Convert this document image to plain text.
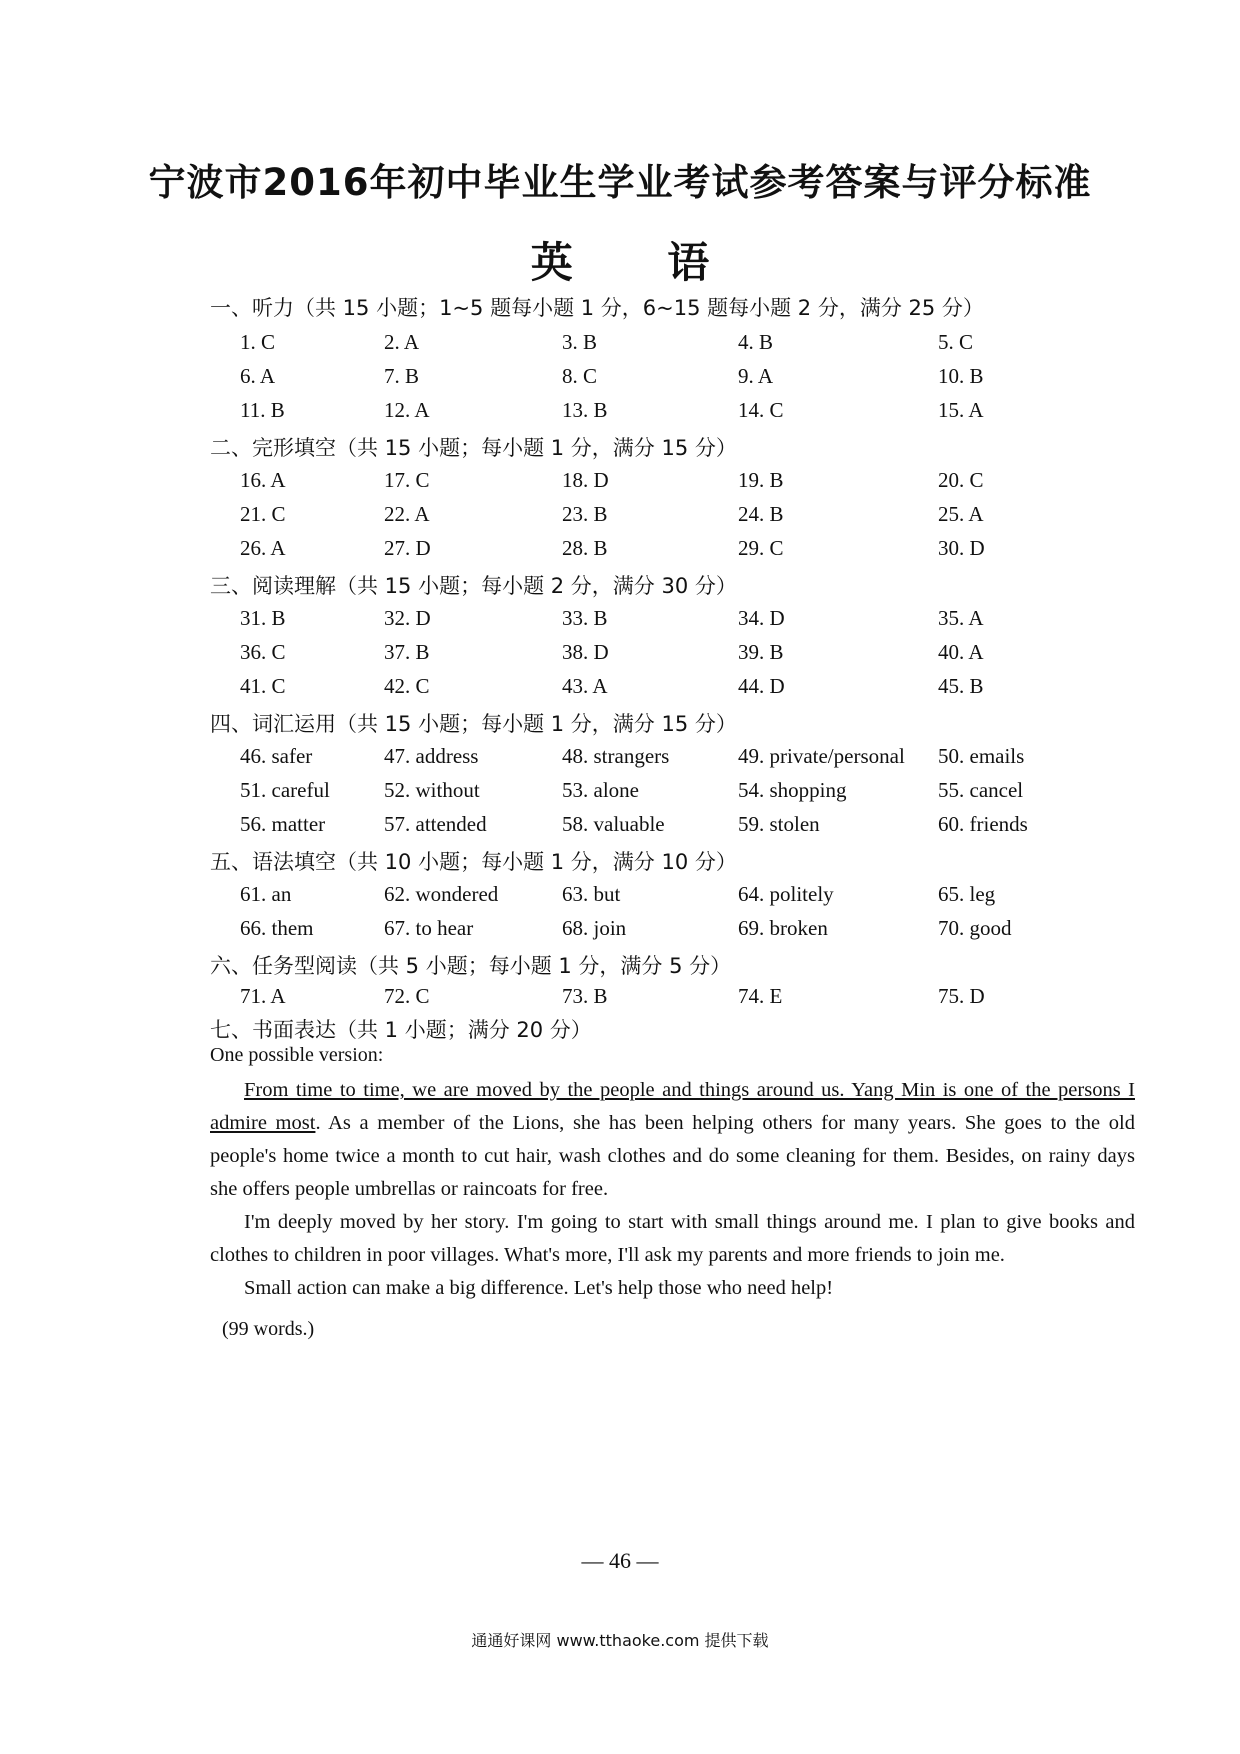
宁波市2016年初中毕业生学业考试参考答案与评分标准
英 语
一、听力（共 15 小题；1~5 题每小题 1 分，6~15 题每小题 2 分，满分 25 分）
1. C	2. A	3. B	4. B	5. C
6. A	7. B	8. C	9. A	10. B
11. B	12. A	13. B	14. C	15. A
二、完形填空（共 15 小题；每小题 1 分，满分 15 分）
16. A	17. C	18. D	19. B	20. C
21. C	22. A	23. B	24. B	25. A
26. A	27. D	28. B	29. C	30. D
三、阅读理解（共 15 小题；每小题 2 分，满分 30 分）
31. B	32. D	33. B	34. D	35. A
36. C	37. B	38. D	39. B	40. A
41. C	42. C	43. A	44. D	45. B
四、词汇运用（共 15 小题；每小题 1 分，满分 15 分）
46. safer	47. address	48. strangers	49. private/personal 50. emails
51. careful	52. without	53. alone	54. shopping	55. cancel
56. matter	57. attended	58. valuable	59. stolen	60. friends
五、语法填空（共 10 小题；每小题 1 分，满分 10 分）
61. an	62. wondered	63. but	64. politely	65. leg
66. them	67. to hear	68. join	69. broken	70. good
六、任务型阅读（共 5 小题；每小题 1 分，满分 5 分）
71. A	72. C	73. B	74. E	75. D
七、书面表达（共 1 小题；满分 20 分）
One possible version:

From time to time, we are moved by the people and things around us. Yang Min is one of the persons I admire most. As a member of the Lions, she has been helping others for many years. She goes to the old people's home twice a month to cut hair, wash clothes and do some cleaning for them. Besides, on rainy days she offers people umbrellas or raincoats for free.

I'm deeply moved by her story. I'm going to start with small things around me. I plan to give books and clothes to children in poor villages. What's more, I'll ask my parents and more friends to join me.

Small action can make a big difference. Let's help those who need help!

(99 words.)
— 46 —
通通好课网 www.tthaoke.com 提供下载
